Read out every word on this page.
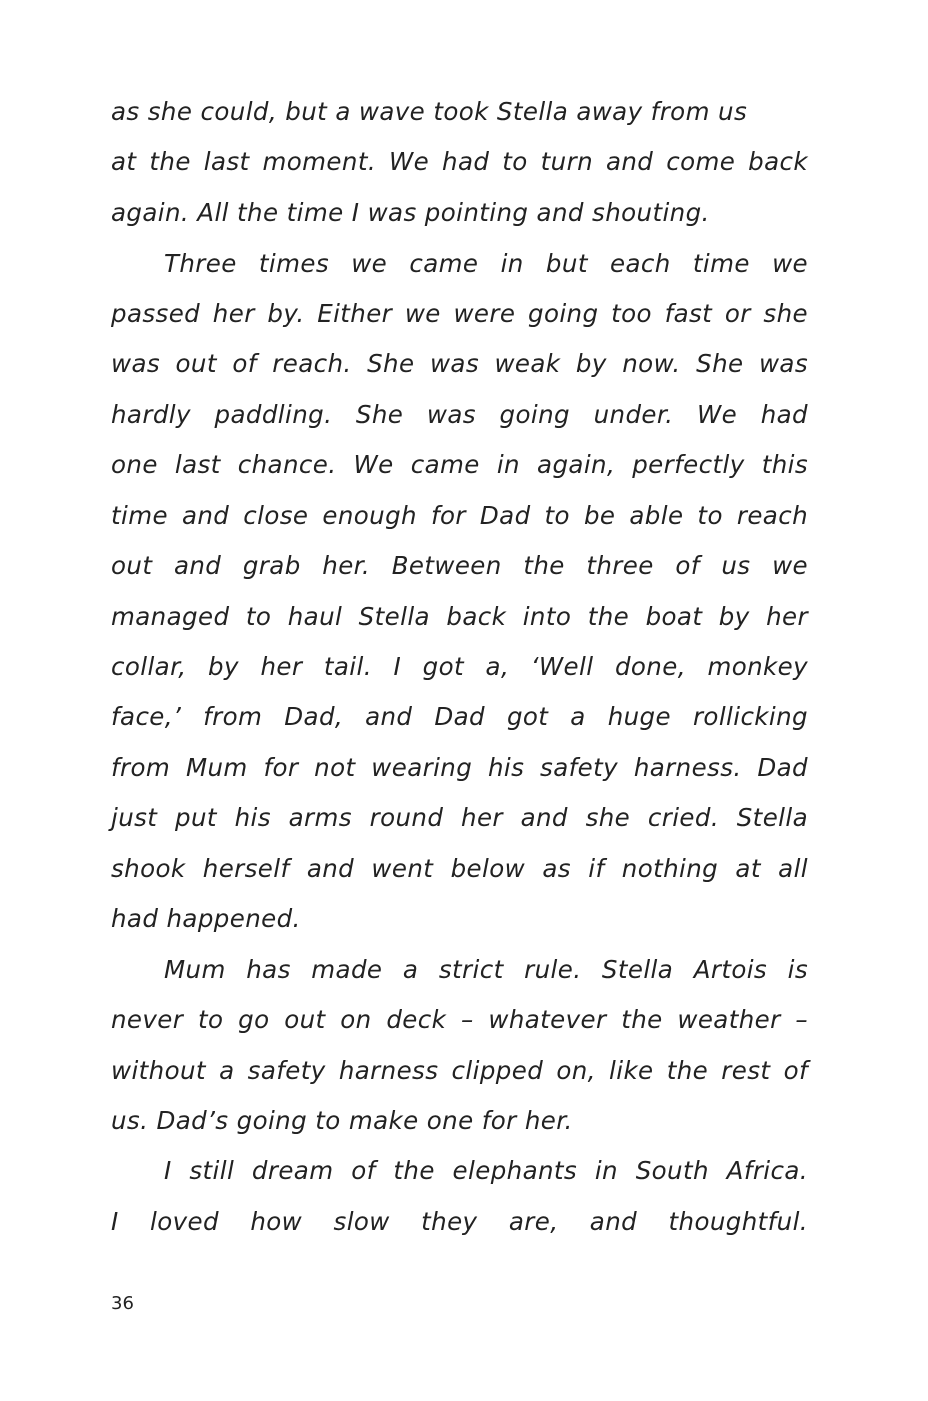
as she could, but a wave took Stella away from us
at the last moment. We had to turn and come back
again. All the time I was pointing and shouting.
Three times we came in but each time we
passed her by. Either we were going too fast or she
was out of reach. She was weak by now. She was
hardly paddling. She was going under. We had
one last chance. We came in again, perfectly this
time and close enough for Dad to be able to reach
out and grab her. Between the three of us we
managed to haul Stella back into the boat by her
collar, by her tail. I got a, ‘Well done, monkey
face,’ from Dad, and Dad got a huge rollicking
from Mum for not wearing his safety harness. Dad
just put his arms round her and she cried. Stella
shook herself and went below as if nothing at all
had happened.
Mum has made a strict rule. Stella Artois is
never to go out on deck – whatever the weather –
without a safety harness clipped on, like the rest of
us. Dad’s going to make one for her.
I still dream of the elephants in South Africa.
I loved how slow they are, and thoughtful.
36
